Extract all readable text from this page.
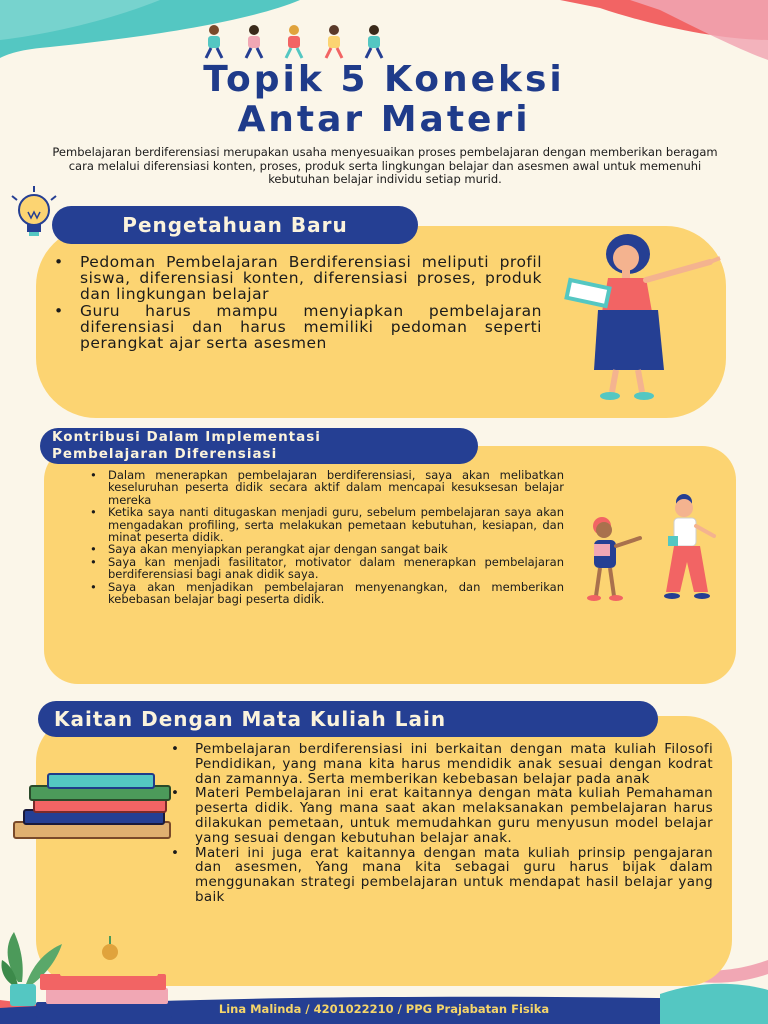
Topik 5 Koneksi
Antar Materi
Pembelajaran berdiferensiasi merupakan usaha menyesuaikan proses pembelajaran dengan memberikan beragam cara melalui diferensiasi konten, proses, produk serta lingkungan belajar dan asesmen awal untuk memenuhi kebutuhan belajar individu setiap murid.
Pengetahuan Baru
• Pedoman Pembelajaran Berdiferensiasi meliputi profil siswa, diferensiasi konten, diferensiasi proses, produk dan lingkungan belajar
• Guru harus mampu menyiapkan pembelajaran diferensiasi dan harus memiliki pedoman seperti perangkat ajar serta asesmen
Kontribusi Dalam Implementasi
Pembelajaran Diferensiasi
• Dalam menerapkan pembelajaran berdiferensiasi, saya akan melibatkan keseluruhan peserta didik secara aktif dalam mencapai kesuksesan belajar mereka
• Ketika saya nanti ditugaskan menjadi guru, sebelum pembelajaran saya akan mengadakan profiling, serta melakukan pemetaan kebutuhan, kesiapan, dan minat peserta didik.
• Saya akan menyiapkan perangkat ajar dengan sangat baik
• Saya kan menjadi fasilitator, motivator dalam menerapkan pembelajaran berdiferensiasi bagi anak didik saya.
• Saya akan menjadikan pembelajaran menyenangkan, dan memberikan kebebasan belajar bagi peserta didik.
Kaitan Dengan Mata Kuliah Lain
• Pembelajaran berdiferensiasi ini berkaitan dengan mata kuliah Filosofi Pendidikan, yang mana kita harus mendidik anak sesuai dengan kodrat dan zamannya. Serta memberikan kebebasan belajar pada anak
• Materi Pembelajaran ini erat kaitannya dengan mata kuliah Pemahaman peserta didik. Yang mana saat akan melaksanakan pembelajaran harus dilakukan pemetaan, untuk memudahkan guru menyusun model belajar yang sesuai dengan kebutuhan belajar anak.
• Materi ini juga erat kaitannya dengan mata kuliah prinsip pengajaran dan asesmen, Yang mana kita sebagai guru harus bijak dalam menggunakan strategi pembelajaran untuk mendapat hasil belajar yang baik
Lina Malinda / 4201022210 / PPG Prajabatan Fisika
